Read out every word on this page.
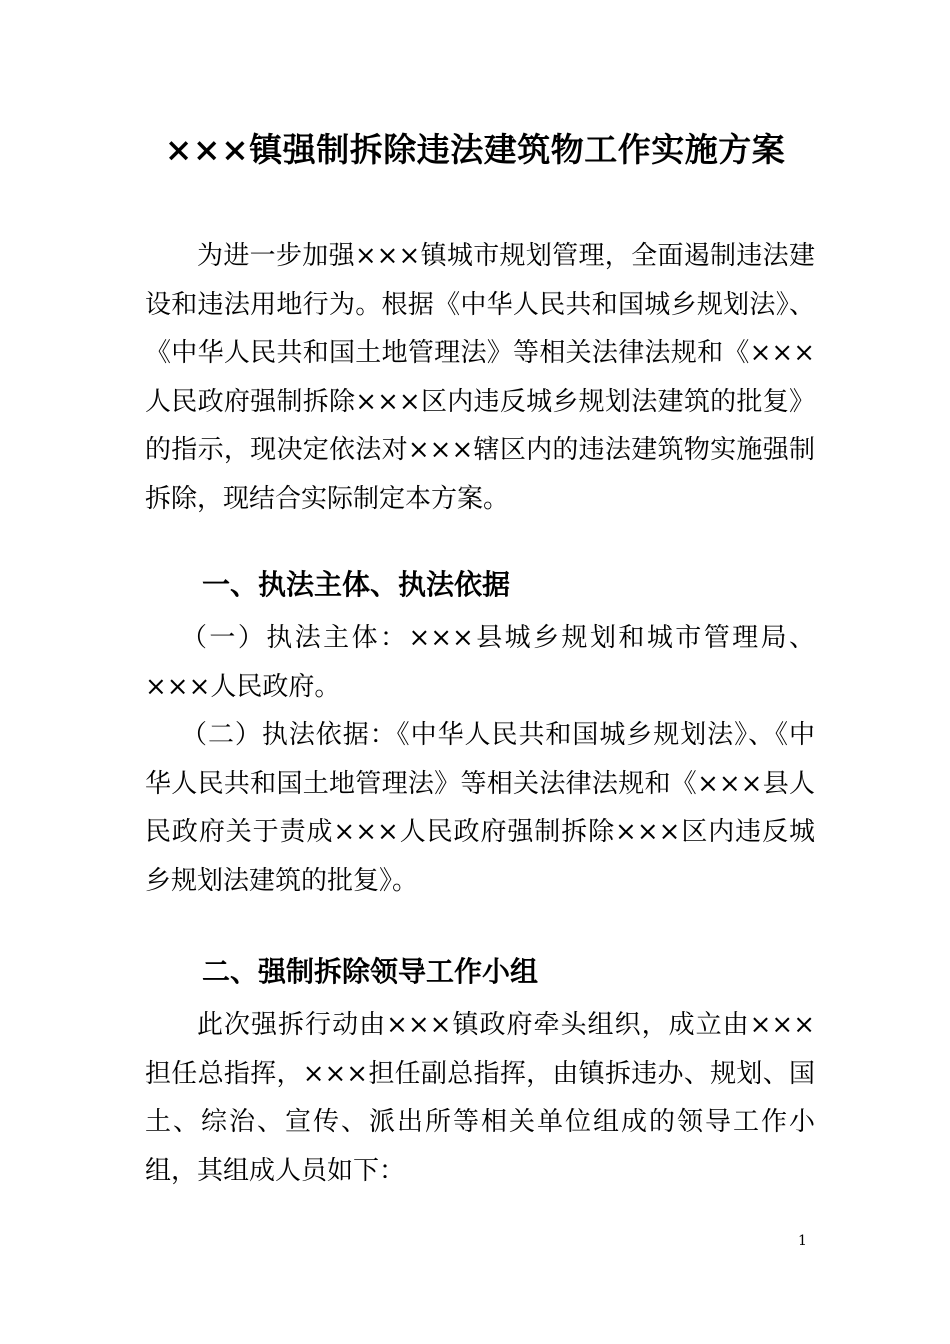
×××镇强制拆除违法建筑物工作实施方案

为进一步加强×××镇城市规划管理，全面遏制违法建设和违法用地行为。根据《中华人民共和国城乡规划法》、《中华人民共和国土地管理法》等相关法律法规和《×××人民政府强制拆除×××区内违反城乡规划法建筑的批复》的指示，现决定依法对×××辖区内的违法建筑物实施强制拆除，现结合实际制定本方案。

一、执法主体、执法依据

（一）执法主体：×××县城乡规划和城市管理局、×××人民政府。

（二）执法依据：《中华人民共和国城乡规划法》、《中华人民共和国土地管理法》等相关法律法规和《×××县人民政府关于责成×××人民政府强制拆除×××区内违反城乡规划法建筑的批复》。

二、强制拆除领导工作小组

此次强拆行动由×××镇政府牵头组织，成立由×××担任总指挥，×××担任副总指挥，由镇拆违办、规划、国土、综治、宣传、派出所等相关单位组成的领导工作小组，其组成人员如下：

1
